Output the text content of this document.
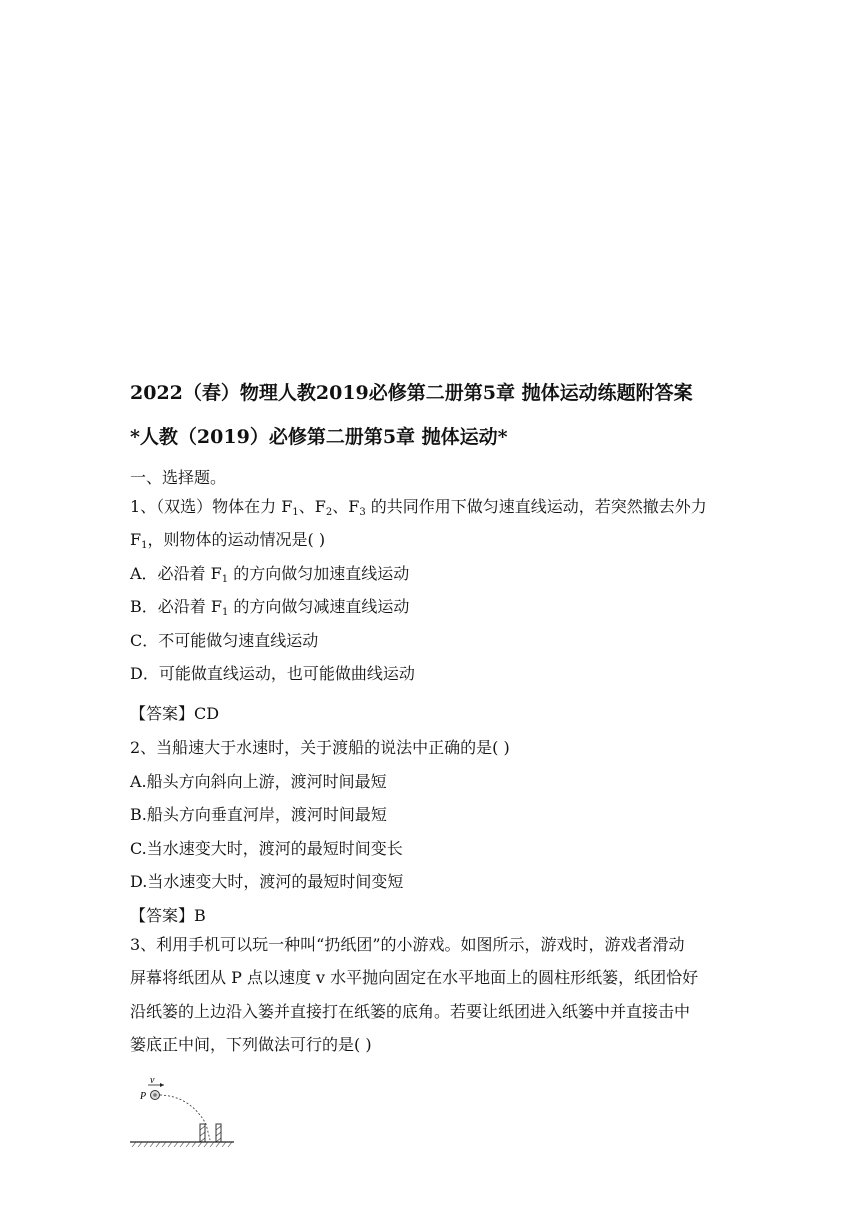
2022（春）物理人教2019必修第二册第5章 抛体运动练题附答案
*人教（2019）必修第二册第5章 抛体运动*
一、选择题。
1、（双选）物体在力 $F_1$、$F_2$、$F_3$ 的共同作用下做匀速直线运动，若突然撤去外力
$F_1$，则物体的运动情况是( )
A．必沿着 $F_1$ 的方向做匀加速直线运动
B．必沿着 $F_1$ 的方向做匀减速直线运动
C．不可能做匀速直线运动
D．可能做直线运动，也可能做曲线运动
【答案】CD
2、当船速大于水速时，关于渡船的说法中正确的是( )
A.船头方向斜向上游，渡河时间最短
B.船头方向垂直河岸，渡河时间最短
C.当水速变大时，渡河的最短时间变长
D.当水速变大时，渡河的最短时间变短
【答案】B
3、利用手机可以玩一种叫“扔纸团”的小游戏。如图所示，游戏时，游戏者滑动
屏幕将纸团从 P 点以速度 v 水平抛向固定在水平地面上的圆柱形纸篓，纸团恰好
沿纸篓的上边沿入篓并直接打在纸篓的底角。若要让纸团进入纸篓中并直接击中
篓底正中间，下列做法可行的是( )
v
P
